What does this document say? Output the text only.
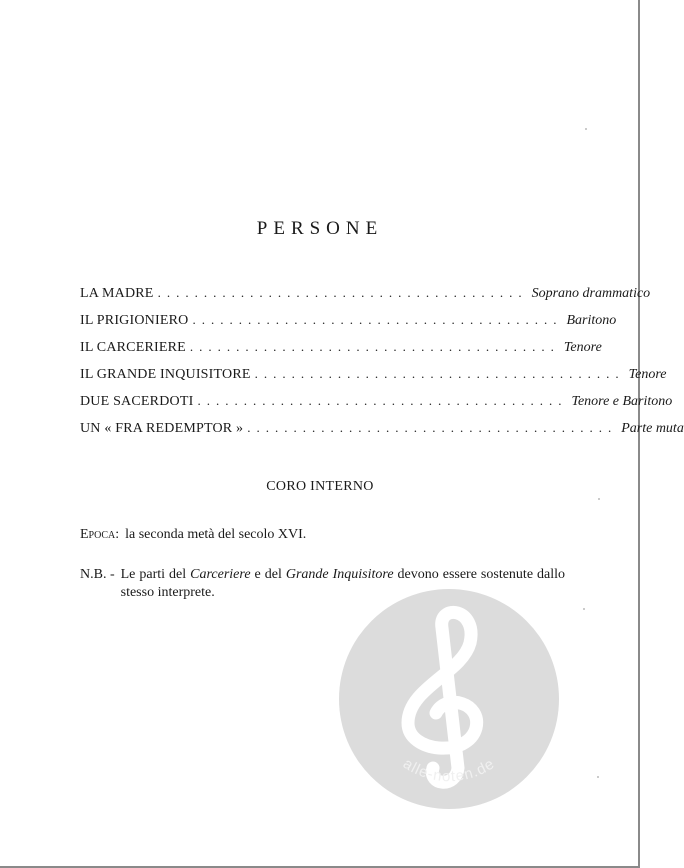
PERSONE
LA MADRE ........................................ Soprano drammatico
IL PRIGIONIERO ........................................ Baritono
IL CARCERIERE ........................................ Tenore
IL GRANDE INQUISITORE ........................................ Tenore
DUE SACERDOTI ........................................ Tenore e Baritono
UN « FRA REDEMPTOR » ........................................ Parte muta
CORO INTERNO
Epoca: la seconda metà del secolo XVI.
N.B. - Le parti del Carceriere e del Grande Inquisitore devono essere sostenute dallo stesso interprete.
alle-noten.de
